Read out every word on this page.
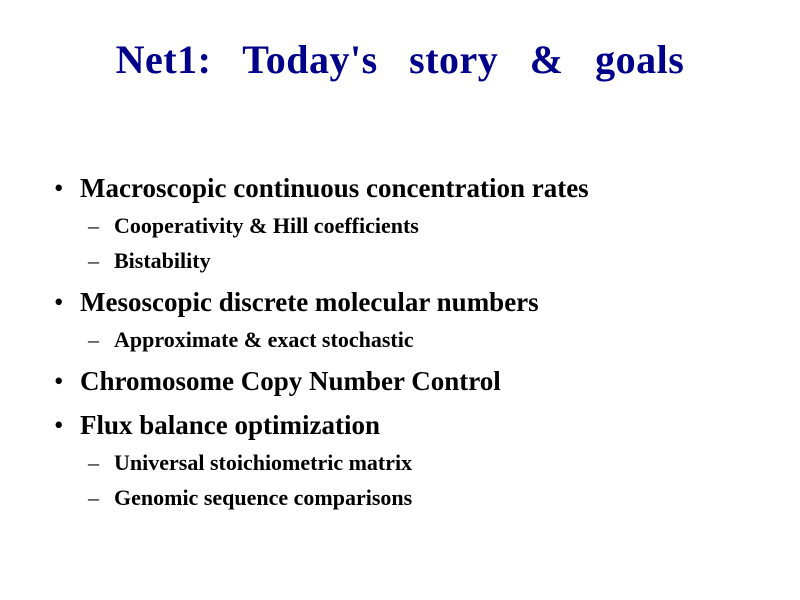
Net1:   Today's   story   &   goals
• Macroscopic continuous concentration rates
– Cooperativity & Hill coefficients
– Bistability
• Mesoscopic discrete molecular numbers
– Approximate & exact stochastic
• Chromosome Copy Number Control
• Flux balance optimization
– Universal stoichiometric matrix
– Genomic sequence comparisons
